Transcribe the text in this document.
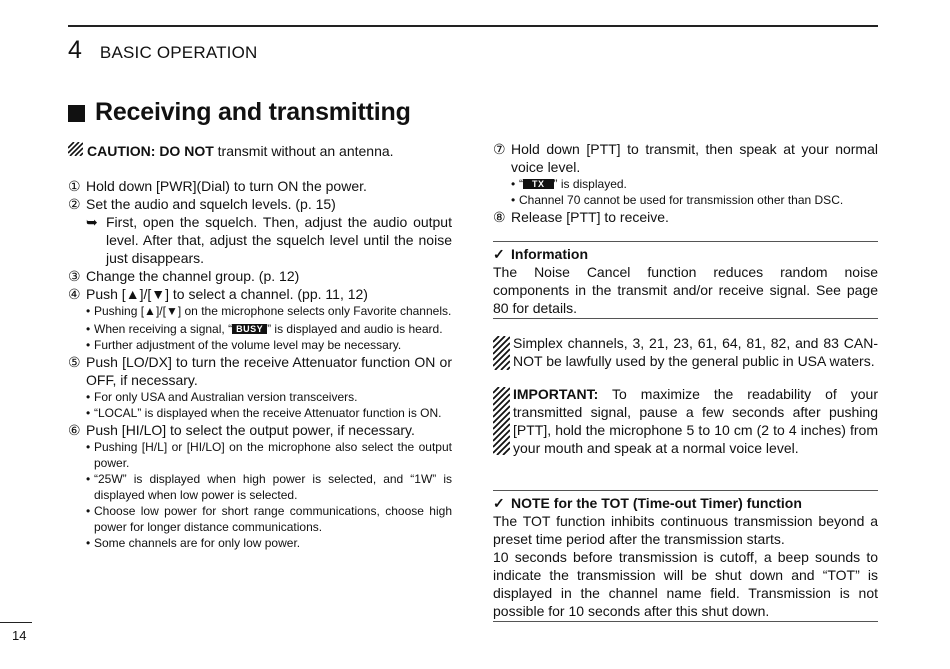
4 BASIC OPERATION
Receiving and transmitting
CAUTION: DO NOT transmit without an antenna.
① Hold down [PWR](Dial) to turn ON the power.
② Set the audio and squelch levels. (p. 15)
➥ First, open the squelch. Then, adjust the audio output level. After that, adjust the squelch level until the noise just disappears.
③ Change the channel group. (p. 12)
④ Push [▲]/[▼] to select a channel. (pp. 11, 12)
• Pushing [▲]/[▼] on the microphone selects only Favorite channels.
• When receiving a signal, “ BUSY ” is displayed and audio is heard.
• Further adjustment of the volume level may be necessary.
⑤ Push [LO/DX] to turn the receive Attenuator function ON or OFF, if necessary.
• For only USA and Australian version transceivers.
• “LOCAL” is displayed when the receive Attenuator function is ON.
⑥ Push [HI/LO] to select the output power, if necessary.
• Pushing [H/L] or [HI/LO] on the microphone also select the output power.
• “25W” is displayed when high power is selected, and “1W” is displayed when low power is selected.
• Choose low power for short range communications, choose high power for longer distance communications.
• Some channels are for only low power.
⑦ Hold down [PTT] to transmit, then speak at your normal voice level.
• “ TX ” is displayed.
• Channel 70 cannot be used for transmission other than DSC.
⑧ Release [PTT] to receive.
✓ Information
The Noise Cancel function reduces random noise components in the transmit and/or receive signal. See page 80 for details.
Simplex channels, 3, 21, 23, 61, 64, 81, 82, and 83 CAN-NOT be lawfully used by the general public in USA waters.
IMPORTANT: To maximize the readability of your transmitted signal, pause a few seconds after pushing [PTT], hold the microphone 5 to 10 cm (2 to 4 inches) from your mouth and speak at a normal voice level.
✓ NOTE for the TOT (Time-out Timer) function
The TOT function inhibits continuous transmission beyond a preset time period after the transmission starts.
10 seconds before transmission is cutoff, a beep sounds to indicate the transmission will be shut down and “TOT” is displayed in the channel name field. Transmission is not possible for 10 seconds after this shut down.
14
